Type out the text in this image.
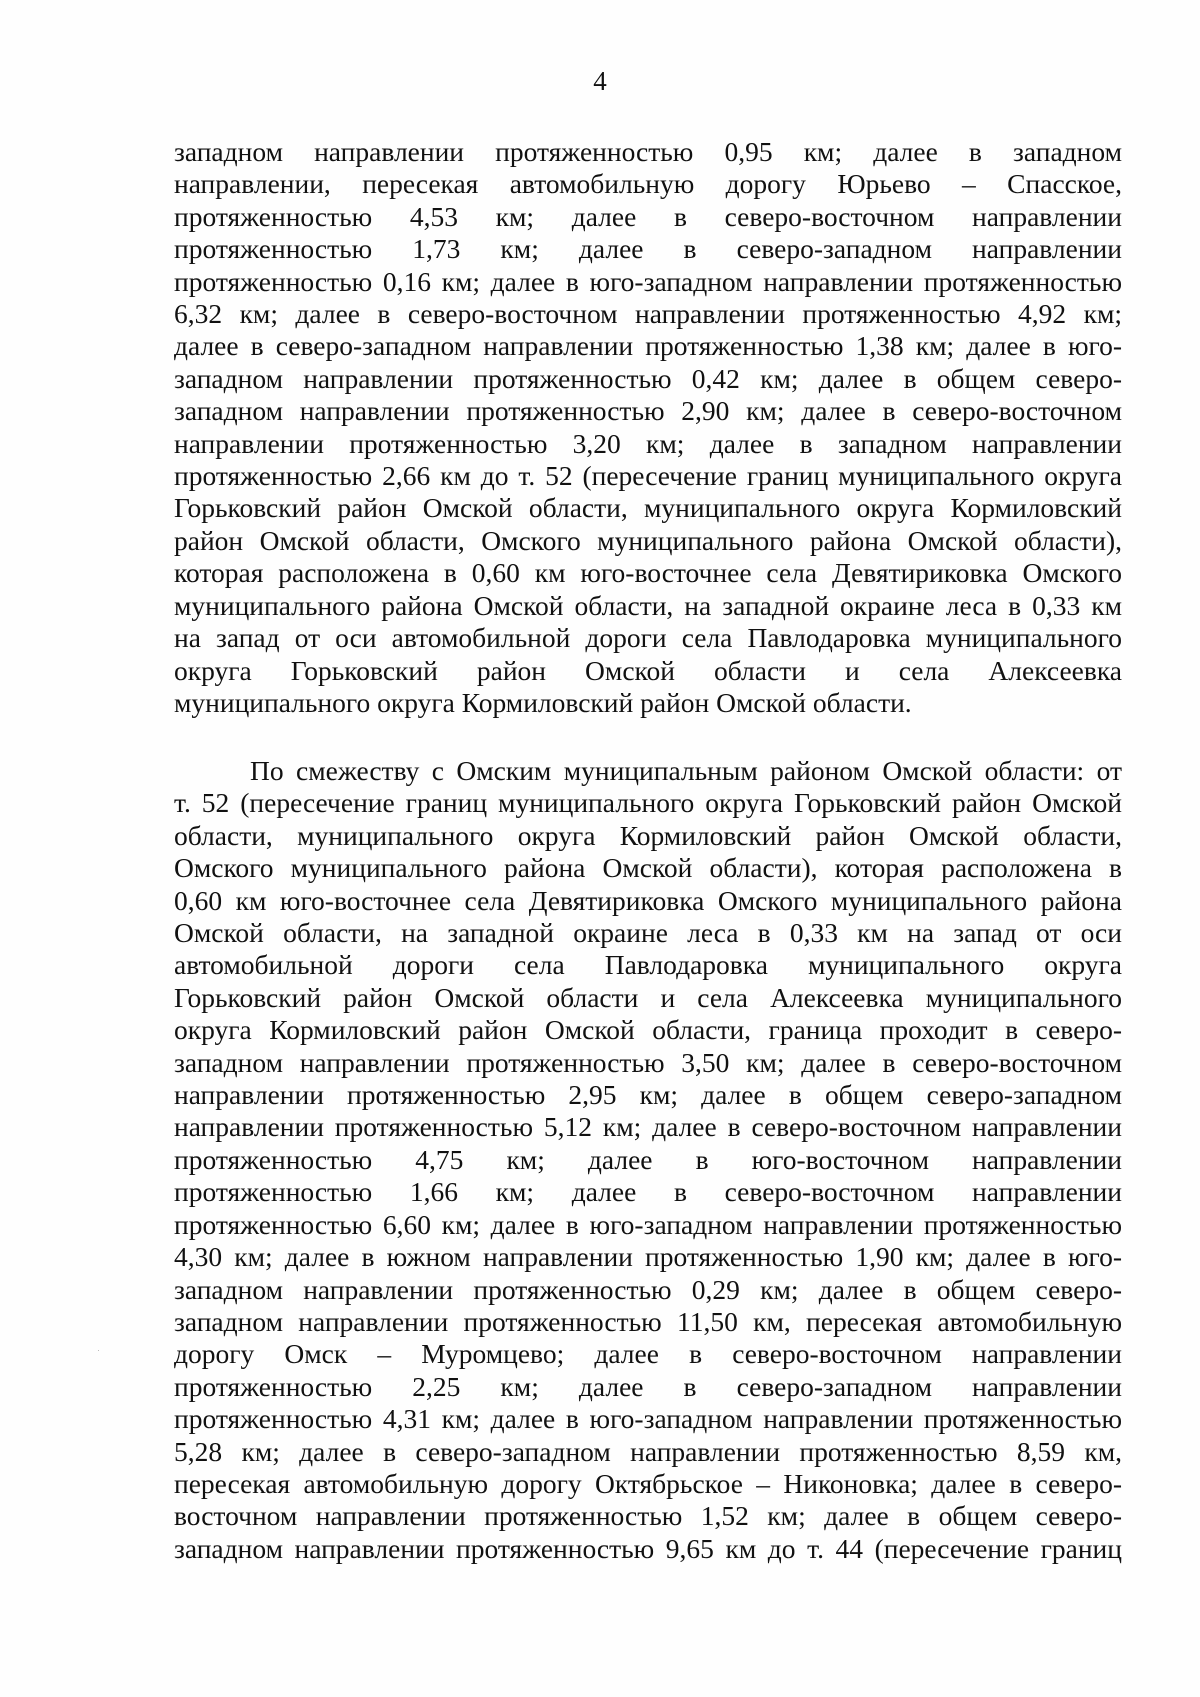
4
западном направлении протяженностью 0,95 км; далее в западном
направлении, пересекая автомобильную дорогу Юрьево – Спасское,
протяженностью 4,53 км; далее в северо-восточном направлении
протяженностью 1,73 км; далее в северо-западном направлении
протяженностью 0,16 км; далее в юго-западном направлении протяженностью
6,32 км; далее в северо-восточном направлении протяженностью 4,92 км;
далее в северо-западном направлении протяженностью 1,38 км; далее в юго-
западном направлении протяженностью 0,42 км; далее в общем северо-
западном направлении протяженностью 2,90 км; далее в северо-восточном
направлении протяженностью 3,20 км; далее в западном направлении
протяженностью 2,66 км до т. 52 (пересечение границ муниципального округа
Горьковский район Омской области, муниципального округа Кормиловский
район Омской области, Омского муниципального района Омской области),
которая расположена в 0,60 км юго-восточнее села Девятириковка Омского
муниципального района Омской области, на западной окраине леса в 0,33 км
на запад от оси автомобильной дороги села Павлодаровка муниципального
округа Горьковский район Омской области и села Алексеевка
муниципального округа Кормиловский район Омской области.
По смежеству с Омским муниципальным районом Омской области: от
т. 52 (пересечение границ муниципального округа Горьковский район Омской
области, муниципального округа Кормиловский район Омской области,
Омского муниципального района Омской области), которая расположена в
0,60 км юго-восточнее села Девятириковка Омского муниципального района
Омской области, на западной окраине леса в 0,33 км на запад от оси
автомобильной дороги села Павлодаровка муниципального округа
Горьковский район Омской области и села Алексеевка муниципального
округа Кормиловский район Омской области, граница проходит в северо-
западном направлении протяженностью 3,50 км; далее в северо-восточном
направлении протяженностью 2,95 км; далее в общем северо-западном
направлении протяженностью 5,12 км; далее в северо-восточном направлении
протяженностью 4,75 км; далее в юго-восточном направлении
протяженностью 1,66 км; далее в северо-восточном направлении
протяженностью 6,60 км; далее в юго-западном направлении протяженностью
4,30 км; далее в южном направлении протяженностью 1,90 км; далее в юго-
западном направлении протяженностью 0,29 км; далее в общем северо-
западном направлении протяженностью 11,50 км, пересекая автомобильную
дорогу Омск – Муромцево; далее в северо-восточном направлении
протяженностью 2,25 км; далее в северо-западном направлении
протяженностью 4,31 км; далее в юго-западном направлении протяженностью
5,28 км; далее в северо-западном направлении протяженностью 8,59 км,
пересекая автомобильную дорогу Октябрьское – Никоновка; далее в северо-
восточном направлении протяженностью 1,52 км; далее в общем северо-
западном направлении протяженностью 9,65 км до т. 44 (пересечение границ
